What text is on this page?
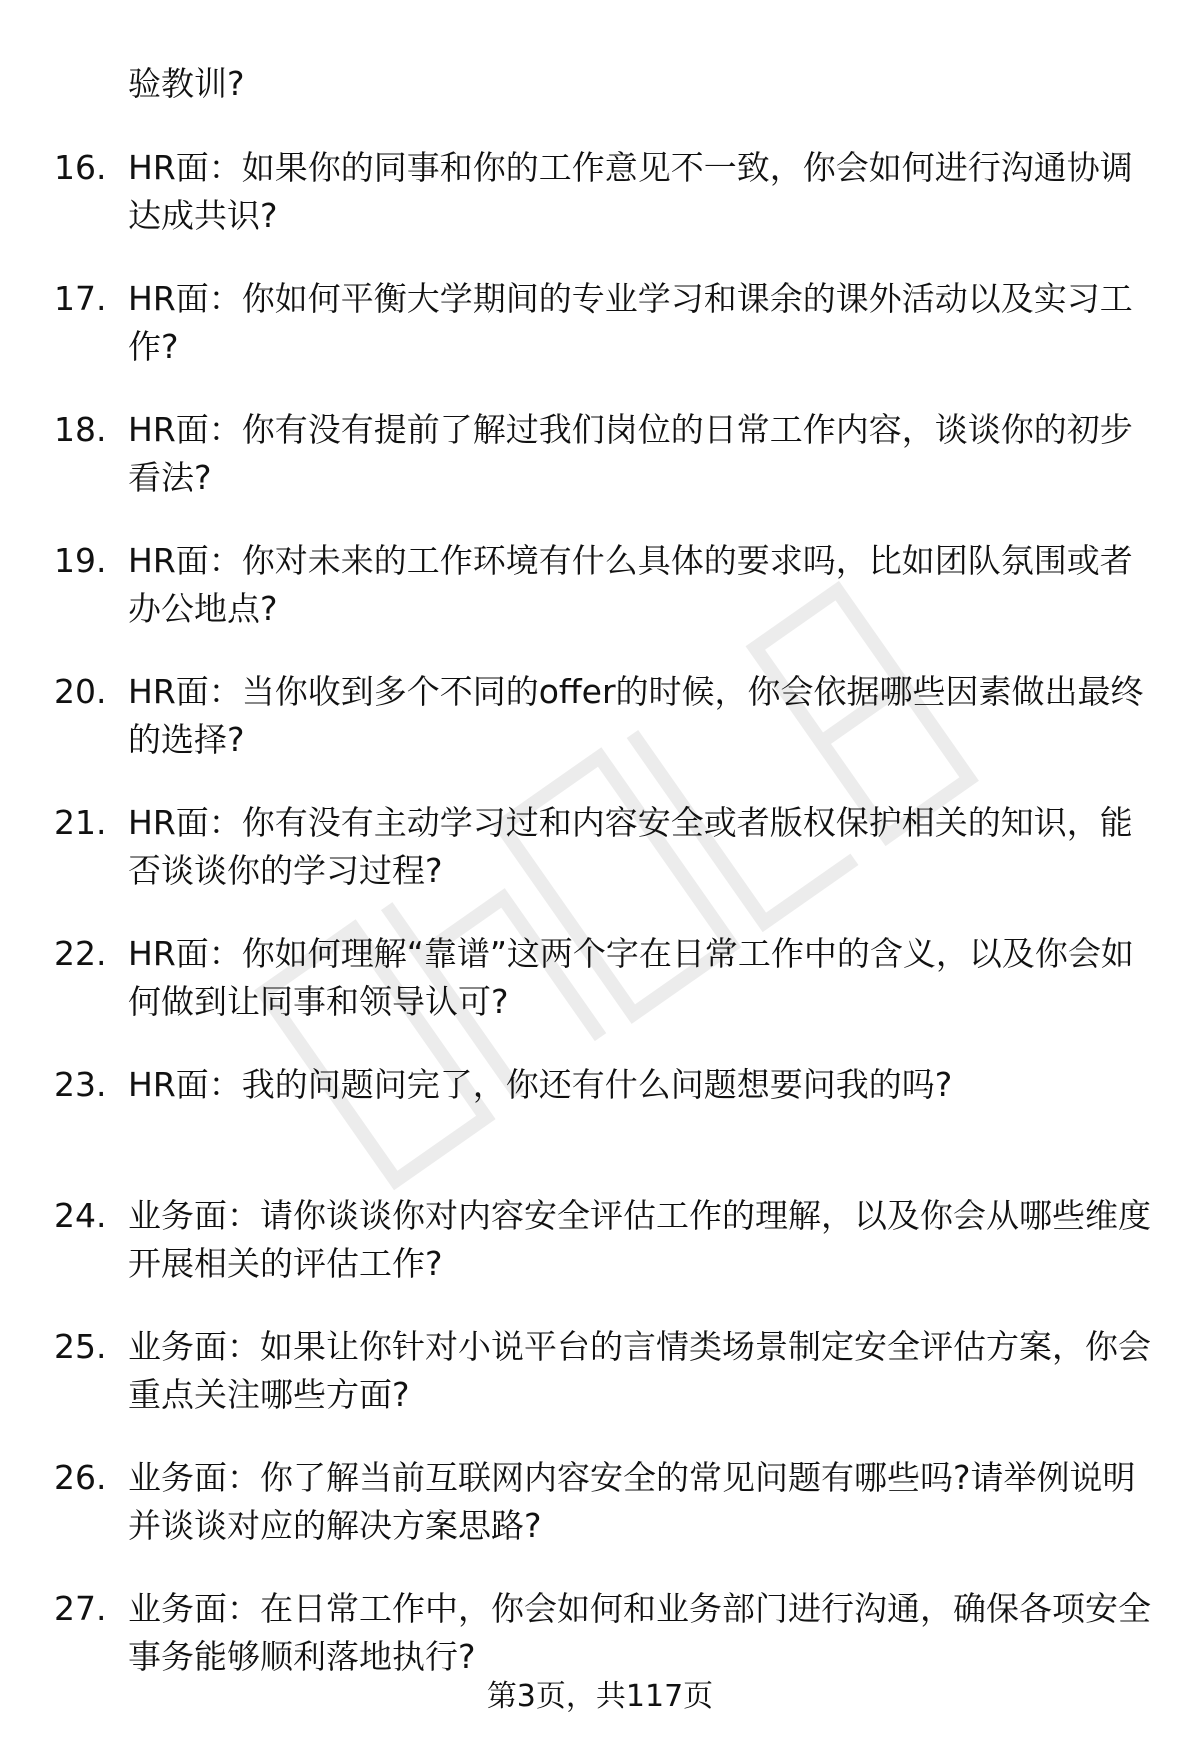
验教训?
16. HR面：如果你的同事和你的工作意见不一致，你会如何进行沟通协调达成共识?
17. HR面：你如何平衡大学期间的专业学习和课余的课外活动以及实习工作?
18. HR面：你有没有提前了解过我们岗位的日常工作内容，谈谈你的初步看法?
19. HR面：你对未来的工作环境有什么具体的要求吗，比如团队氛围或者办公地点?
20. HR面：当你收到多个不同的offer的时候，你会依据哪些因素做出最终的选择?
21. HR面：你有没有主动学习过和内容安全或者版权保护相关的知识，能否谈谈你的学习过程?
22. HR面：你如何理解“靠谱”这两个字在日常工作中的含义，以及你会如何做到让同事和领导认可?
23. HR面：我的问题问完了，你还有什么问题想要问我的吗?
24. 业务面：请你谈谈你对内容安全评估工作的理解，以及你会从哪些维度开展相关的评估工作?
25. 业务面：如果让你针对小说平台的言情类场景制定安全评估方案，你会重点关注哪些方面?
26. 业务面：你了解当前互联网内容安全的常见问题有哪些吗?请举例说明并谈谈对应的解决方案思路?
27. 业务面：在日常工作中，你会如何和业务部门进行沟通，确保各项安全事务能够顺利落地执行?
第3页，共117页
